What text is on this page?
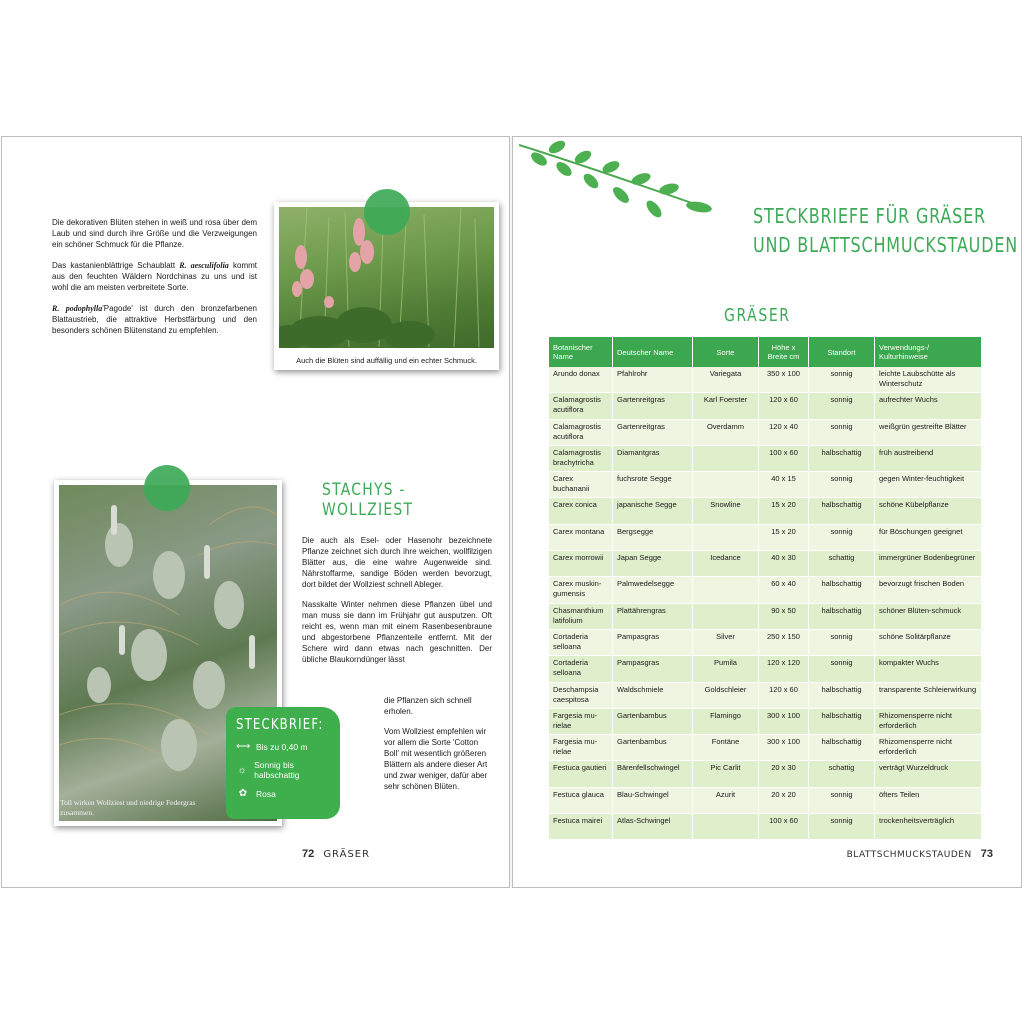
Die dekorativen Blüten stehen in weiß und rosa über dem Laub und sind durch ihre Größe und die Verzweigungen ein schöner Schmuck für die Pflanze.

Das kastanienblättrige Schaublatt R. aesculifolia kommt aus den feuchten Wäldern Nordchinas zu uns und ist wohl die am meisten verbreitete Sorte.

R. podophylla'Pagode' ist durch den bronzefarbenen Blattaustrieb, die attraktive Herbstfärbung und den besonders schönen Blütenstand zu empfehlen.

Auch die Blüten sind auffällig und ein echter Schmuck.
Toll wirken Wollziest und niedrige Federgras zusammen.
STACHYS - WOLLZIEST

Die auch als Esel- oder Hasenohr bezeichnete Pflanze zeichnet sich durch ihre weichen, wollfilzigen Blätter aus, die eine wahre Augenweide sind. Nährstoffarme, sandige Böden werden bevorzugt, dort bildet der Wollziest schnell Ableger.

Nasskalte Winter nehmen diese Pflanzen übel und man muss sie dann im Frühjahr gut ausputzen. Oft reicht es, wenn man mit einem Rasenbesenbraune und abgestorbene Pflanzenteile entfernt. Mit der Schere wird dann etwas nach geschnitten. Der übliche Blaukorndünger lässt

die Pflanzen sich schnell erholen.

Vom Wollziest empfehlen wir vor allem die Sorte 'Cotton Boll' mit wesentlich größeren Blättern als andere dieser Art und zwar weniger, dafür aber sehr schönen Blüten.

STECKBRIEF:
⟷ Bis zu 0,40 m
☼ Sonnig bis halbschattig
✿	Rosa
72 GRÄSER
STECKBRIEFE FÜR GRÄSER
UND BLATTSCHMUCKSTAUDEN
GRÄSER
Botanischer Name	Deutscher Name	Sorte	Höhe x Breite cm	Standort	Verwendungs-/ Kulturhinweise
Arundo donax	Pfahlrohr	Variegata	350 x 100	sonnig	leichte Laubschütte als Winterschutz
Calamagrostis acutiflora	Gartenreitgras	Karl Foerster	120 x 60	sonnig	aufrechter Wuchs
Calamagrostis acutiflora	Gartenreitgras	Overdamm	120 x 40	sonnig	weißgrün gestreifte Blätter
Calamagrostis brachytricha	Diamantgras		100 x 60	halbschattig	früh austreibend
Carex buchananii	fuchsrote Segge		40 x 15	sonnig	gegen Winter-feuchtigkeit
Carex conica	japanische Segge	Snowline	15 x 20	halbschattig	schöne Kübelpflanze
Carex montana	Bergsegge		15 x 20	sonnig	für Böschungen geeignet
Carex morrowii	Japan Segge	Icedance	40 x 30	schattig	immergrüner Bodenbegrüner
Carex muskin-gumensis	Palmwedelsegge		60 x 40	halbschattig	bevorzugt frischen Boden
Chasmanthium latifolium	Plattährengras		90 x 50	halbschattig	schöner Blüten-schmuck
Cortaderia selloana	Pampasgras	Silver	250 x 150	sonnig	schöne Solitärpflanze
Cortaderia selloana	Pampasgras	Pumila	120 x 120	sonnig	kompakter Wuchs
Deschampsia caespitosa	Waldschmiele	Goldschleier	120 x 60	halbschattig	transparente Schleierwirkung
Fargesia mu-rielae	Gartenbambus	Flamingo	300 x 100	halbschattig	Rhizomensperre nicht erforderlich
Fargesia mu-rielae	Gartenbambus	Fontäne	300 x 100	halbschattig	Rhizomensperre nicht erforderlich
Festuca gautieri	Bärenfellschwingel	Pic Carlit	20 x 30	schattig	verträgt Wurzeldruck
Festuca glauca	Blau-Schwingel	Azurit	20 x 20	sonnig	öfters Teilen
Festuca mairei	Atlas-Schwingel		100 x 60	sonnig	trockenheitsverträglich
BLATTSCHMUCKSTAUDEN 73
